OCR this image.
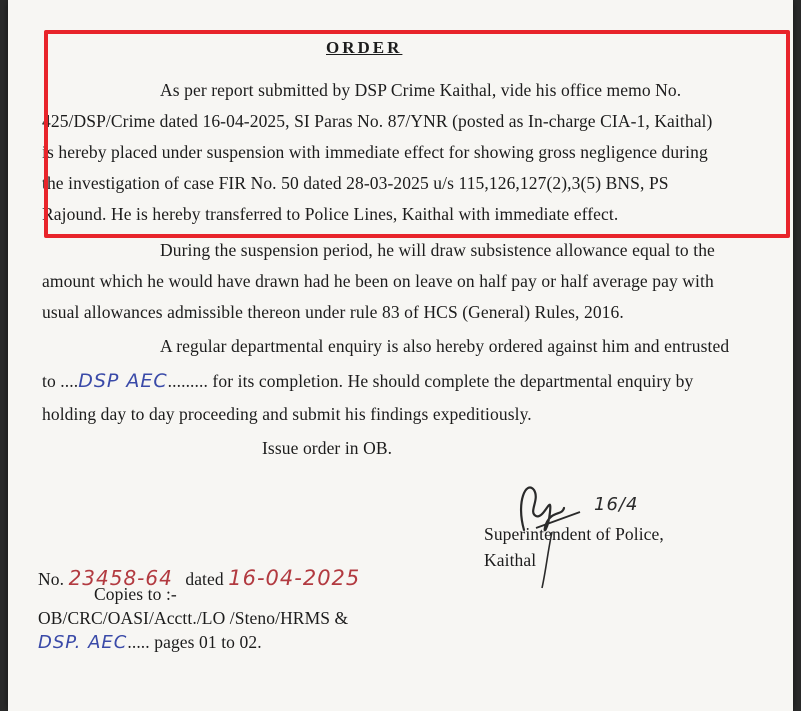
ORDER
As per report submitted by DSP Crime Kaithal, vide his office memo No.
425/DSP/Crime dated 16-04-2025, SI Paras No. 87/YNR (posted as In-charge CIA-1, Kaithal)
is hereby placed under suspension with immediate effect for showing gross negligence during
the investigation of case FIR No. 50 dated 28-03-2025 u/s 115,126,127(2),3(5) BNS, PS
Rajound. He is hereby transferred to Police Lines, Kaithal with immediate effect.
During the suspension period, he will draw subsistence allowance equal to the
amount which he would have drawn had he been on leave on half pay or half average pay with
usual allowances admissible thereon under rule 83 of HCS (General) Rules, 2016.
A regular departmental enquiry is also hereby ordered against him and entrusted
to ....DSP AEC......... for its completion. He should complete the departmental enquiry by
holding day to day proceeding and submit his findings expeditiously.
Issue order in OB.
16/4
Superintendent of Police,
Kaithal
No. 23458-64 dated 16-04-2025
Copies to :-
OB/CRC/OASI/Acctt./LO /Steno/HRMS &
DSP. AEC..... pages 01 to 02.
